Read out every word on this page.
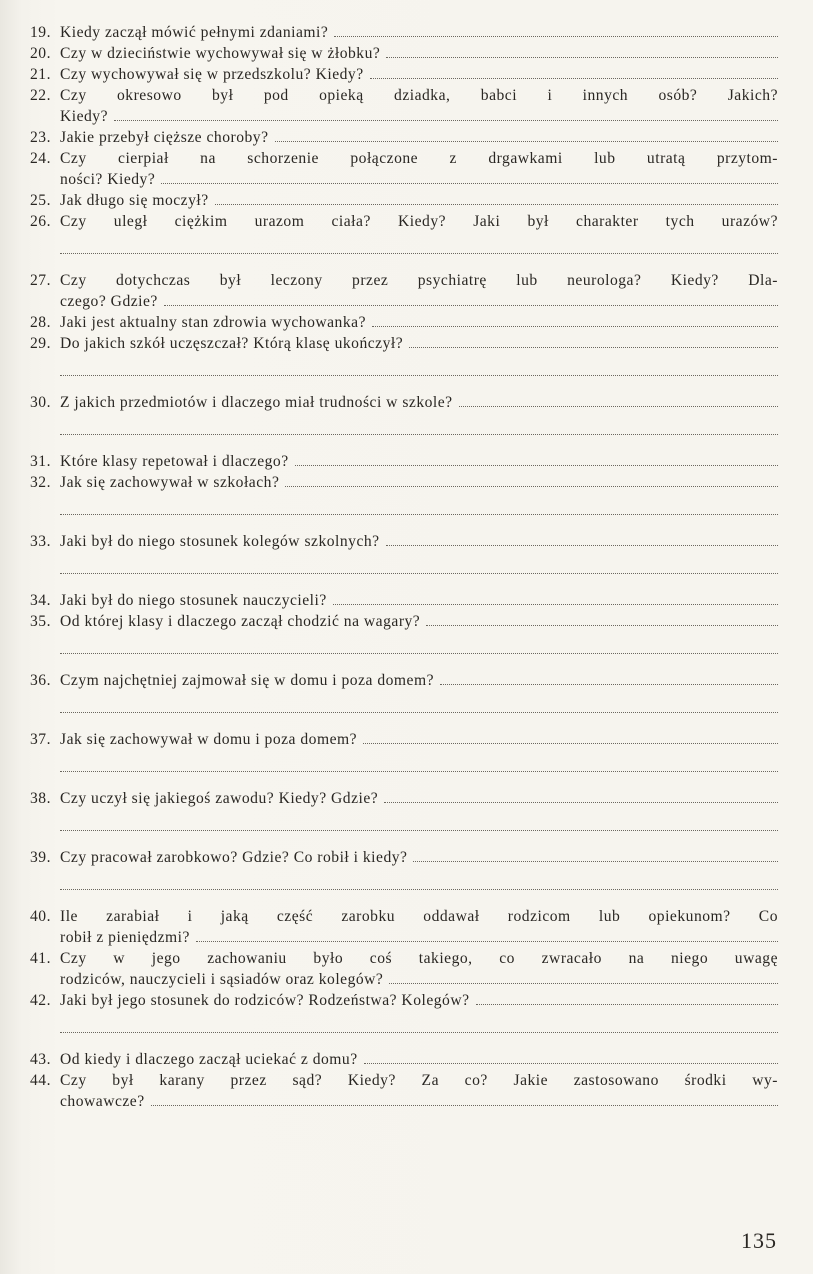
19. Kiedy zaczął mówić pełnymi zdaniami?
20. Czy w dzieciństwie wychowywał się w żłobku?
21. Czy wychowywał się w przedszkolu? Kiedy?
22. Czy okresowo był pod opieką dziadka, babci i innych osób? Jakich?
Kiedy?
23. Jakie przebył cięższe choroby?
24. Czy cierpiał na schorzenie połączone z drgawkami lub utratą przytom-
ności? Kiedy?
25. Jak długo się moczył?
26. Czy uległ ciężkim urazom ciała? Kiedy? Jaki był charakter tych urazów?
27. Czy dotychczas był leczony przez psychiatrę lub neurologa? Kiedy? Dla-
czego? Gdzie?
28. Jaki jest aktualny stan zdrowia wychowanka?
29. Do jakich szkół uczęszczał? Którą klasę ukończył?
30. Z jakich przedmiotów i dlaczego miał trudności w szkole?
31. Które klasy repetował i dlaczego?
32. Jak się zachowywał w szkołach?
33. Jaki był do niego stosunek kolegów szkolnych?
34. Jaki był do niego stosunek nauczycieli?
35. Od której klasy i dlaczego zaczął chodzić na wagary?
36. Czym najchętniej zajmował się w domu i poza domem?
37. Jak się zachowywał w domu i poza domem?
38. Czy uczył się jakiegoś zawodu? Kiedy? Gdzie?
39. Czy pracował zarobkowo? Gdzie? Co robił i kiedy?
40. Ile zarabiał i jaką część zarobku oddawał rodzicom lub opiekunom? Co
robił z pieniędzmi?
41. Czy w jego zachowaniu było coś takiego, co zwracało na niego uwagę
rodziców, nauczycieli i sąsiadów oraz kolegów?
42. Jaki był jego stosunek do rodziców? Rodzeństwa? Kolegów?
43. Od kiedy i dlaczego zaczął uciekać z domu?
44. Czy był karany przez sąd? Kiedy? Za co? Jakie zastosowano środki wy-
chowawcze?
135
